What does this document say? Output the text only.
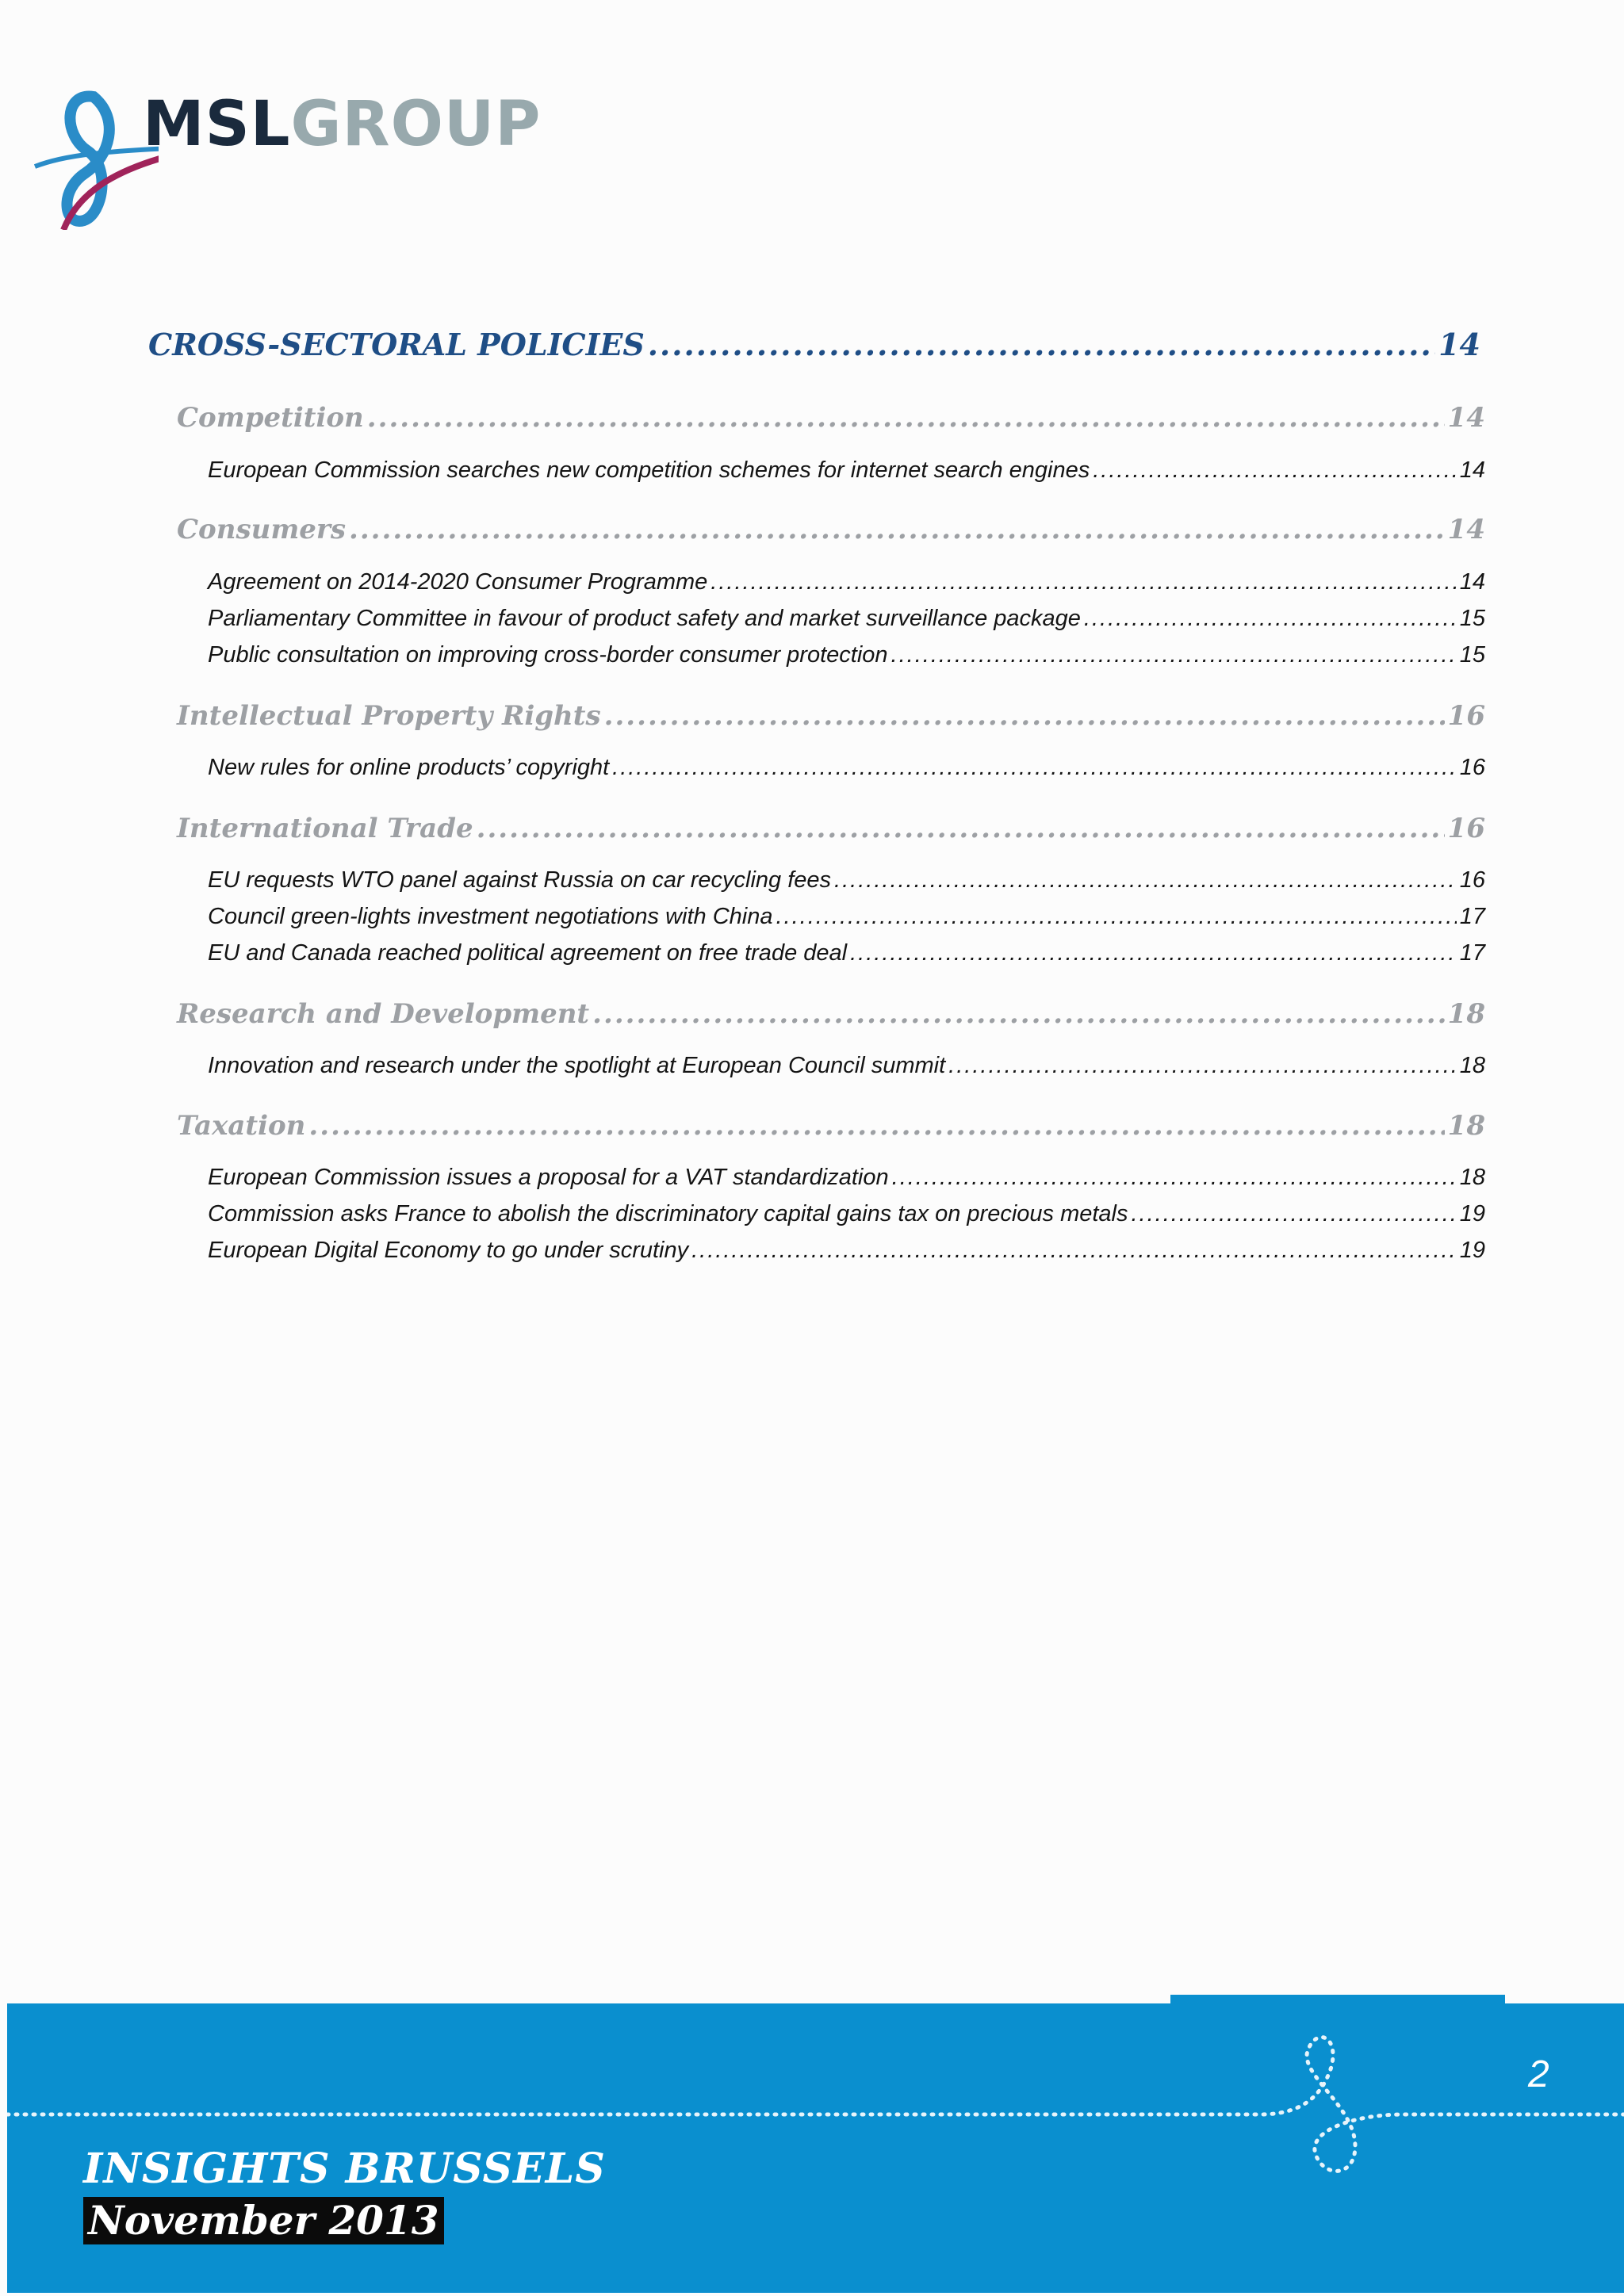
MSLGROUP
CROSS-SECTORAL POLICIES .....	14
Competition .....	14
European Commission searches new competition schemes for internet search engines .....	14
Consumers .....	14
Agreement on 2014-2020 Consumer Programme .....	14
Parliamentary Committee in favour of product safety and market surveillance package .....	15
Public consultation on improving cross-border consumer protection .....	15
Intellectual Property Rights .....	16
New rules for online products’ copyright .....	16
International Trade .....	16
EU requests WTO panel against Russia on car recycling fees .....	16
Council green-lights investment negotiations with China .....	17
EU and Canada reached political agreement on free trade deal .....	17
Research and Development .....	18
Innovation and research under the spotlight at European Council summit .....	18
Taxation .....	18
European Commission issues a proposal for a VAT standardization .....	18
Commission asks France to abolish the discriminatory capital gains tax on precious metals .....	19
European Digital Economy to go under scrutiny .....	19
2
INSIGHTS BRUSSELS
November 2013
